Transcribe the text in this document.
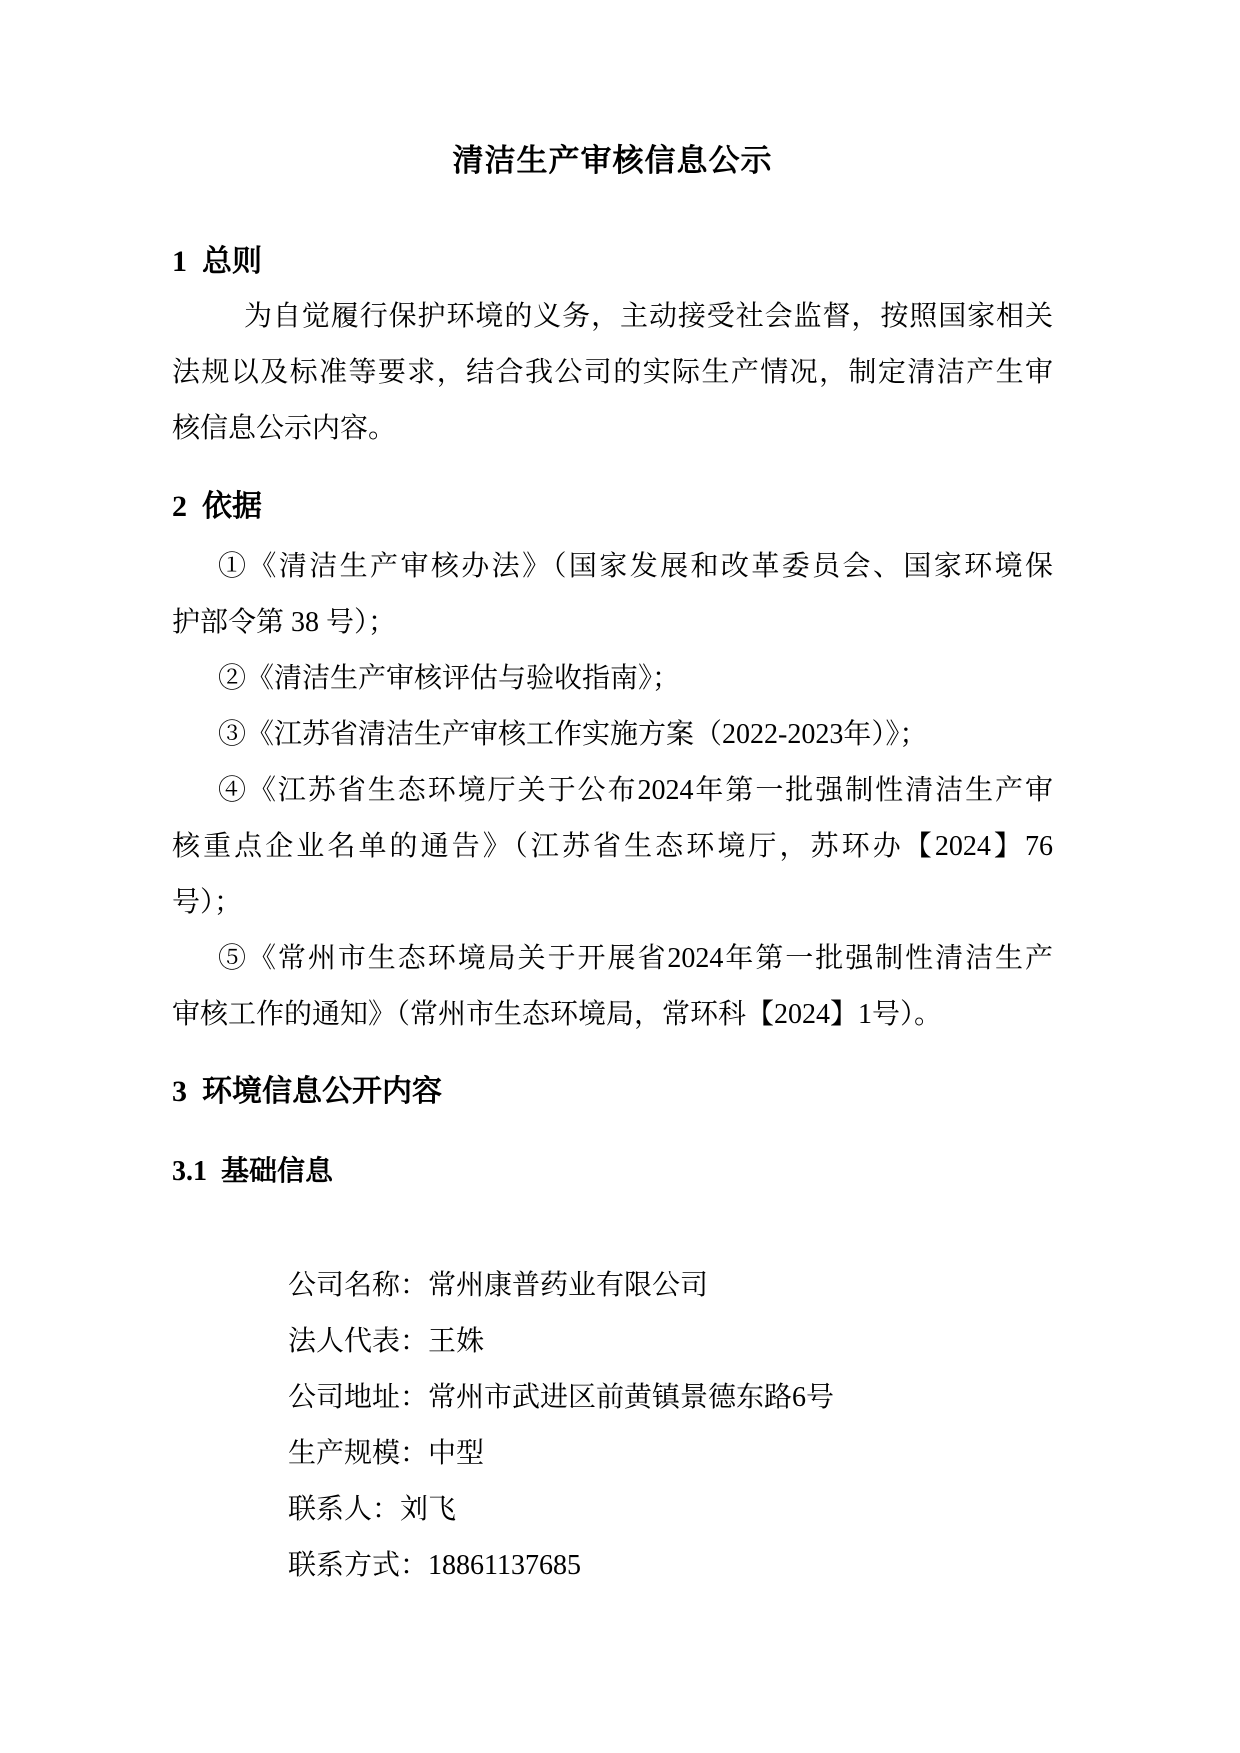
清洁生产审核信息公示
1  总则
为自觉履行保护环境的义务，主动接受社会监督，按照国家相关
法规以及标准等要求，结合我公司的实际生产情况，制定清洁产生审
核信息公示内容。
2  依据
①《清洁生产审核办法》（国家发展和改革委员会、国家环境保
护部令第 38 号）；
②《清洁生产审核评估与验收指南》；
③《江苏省清洁生产审核工作实施方案（2022-2023年）》；
④《江苏省生态环境厅关于公布2024年第一批强制性清洁生产审
核重点企业名单的通告》（江苏省生态环境厅，苏环办【2024】76
号）；
⑤《常州市生态环境局关于开展省2024年第一批强制性清洁生产
审核工作的通知》（常州市生态环境局，常环科【2024】1号）。
3  环境信息公开内容
3.1  基础信息

公司名称：常州康普药业有限公司

法人代表：王姝

公司地址：常州市武进区前黄镇景德东路6号

生产规模：中型

联系人：刘飞

联系方式：18861137685
